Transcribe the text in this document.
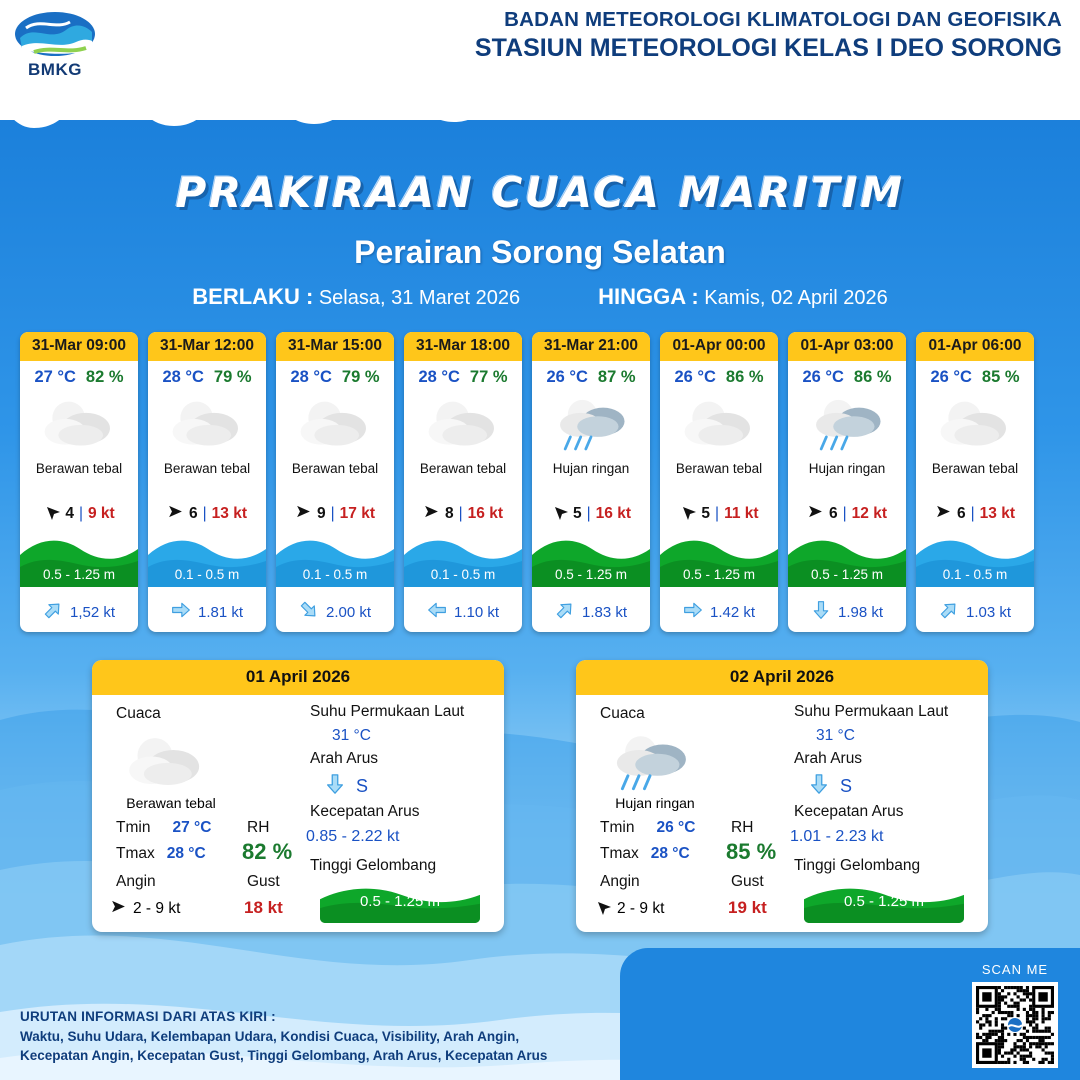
BMKG
BADAN METEOROLOGI KLIMATOLOGI DAN GEOFISIKA
STASIUN METEOROLOGI KELAS I DEO SORONG
PRAKIRAAN CUACA MARITIM
Perairan Sorong Selatan
BERLAKU : Selasa, 31 Maret 2026	HINGGA : Kamis, 02 April 2026
31-Mar 09:00
27 °C 82 %
Berawan tebal
4 | 9 kt
0.5 - 1.25 m
1,52 kt
31-Mar 12:00
28 °C 79 %
Berawan tebal
6 | 13 kt
0.1 - 0.5 m
1.81 kt
31-Mar 15:00
28 °C 79 %
Berawan tebal
9 | 17 kt
0.1 - 0.5 m
2.00 kt
31-Mar 18:00
28 °C 77 %
Berawan tebal
8 | 16 kt
0.1 - 0.5 m
1.10 kt
31-Mar 21:00
26 °C 87 %
Hujan ringan
5 | 16 kt
0.5 - 1.25 m
1.83 kt
01-Apr 00:00
26 °C 86 %
Berawan tebal
5 | 11 kt
0.5 - 1.25 m
1.42 kt
01-Apr 03:00
26 °C 86 %
Hujan ringan
6 | 12 kt
0.5 - 1.25 m
1.98 kt
01-Apr 06:00
26 °C 85 %
Berawan tebal
6 | 13 kt
0.1 - 0.5 m
1.03 kt
01 April 2026
Cuaca
Berawan tebal
Tmin 27 °C
Tmax 28 °C
Angin
2 - 9 kt
RH
82 %
Gust
18 kt
Suhu Permukaan Laut
31 °C
Arah Arus
S
Kecepatan Arus
0.85 - 2.22 kt
Tinggi Gelombang
0.5 - 1.25 m
02 April 2026
Cuaca
Hujan ringan
Tmin 26 °C
Tmax 28 °C
Angin
2 - 9 kt
RH
85 %
Gust
19 kt
Suhu Permukaan Laut
31 °C
Arah Arus
S
Kecepatan Arus
1.01 - 2.23 kt
Tinggi Gelombang
0.5 - 1.25 m
URUTAN INFORMASI DARI ATAS KIRI :
Waktu, Suhu Udara, Kelembapan Udara, Kondisi Cuaca, Visibility, Arah Angin,
Kecepatan Angin, Kecepatan Gust, Tinggi Gelombang, Arah Arus, Kecepatan Arus
SCAN ME
